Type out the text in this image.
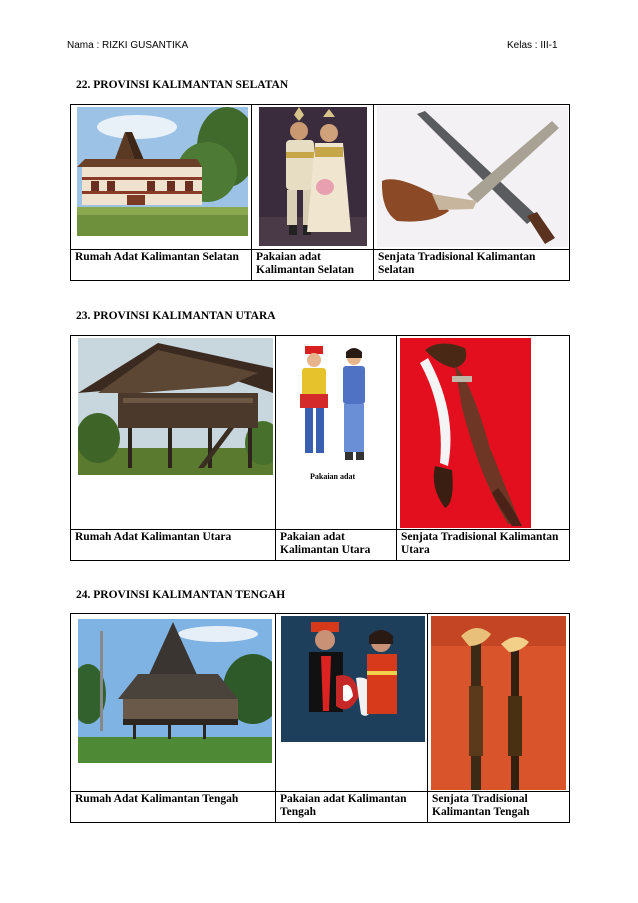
Nama : RIZKI GUSANTIKA	Kelas : III-1
22. PROVINSI KALIMANTAN SELATAN

Rumah Adat Kalimantan Selatan	Pakaian adat Kalimantan Selatan	Senjata Tradisional Kalimantan Selatan
23. PROVINSI KALIMANTAN UTARA

Pakaian adat

Rumah Adat Kalimantan Utara	Pakaian adat Kalimantan Utara	Senjata Tradisional Kalimantan Utara
24. PROVINSI KALIMANTAN TENGAH

Rumah Adat Kalimantan Tengah	Pakaian adat Kalimantan Tengah	Senjata Tradisional Kalimantan Tengah
